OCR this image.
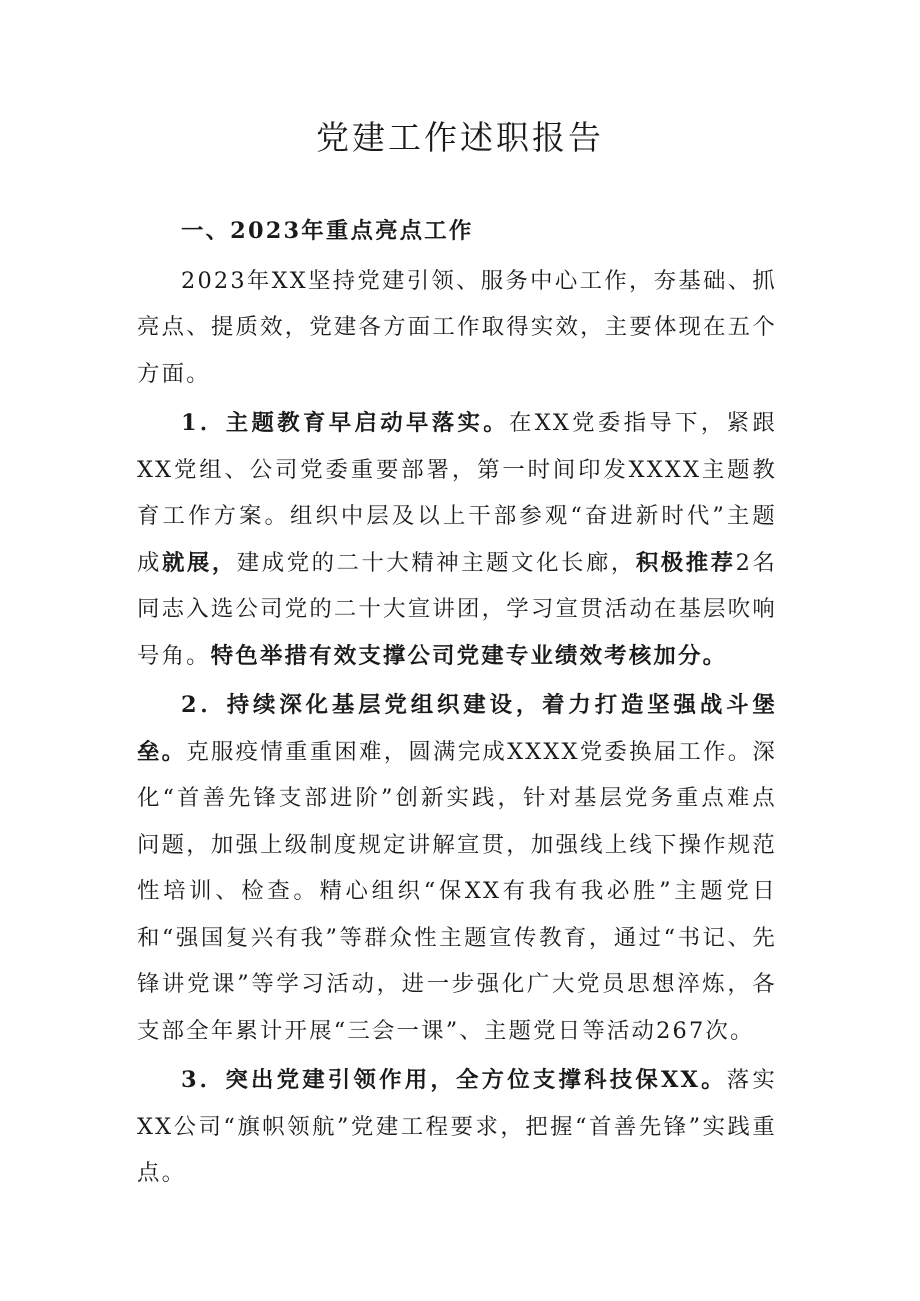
党建工作述职报告

一、2023年重点亮点工作

2023年XX坚持党建引领、服务中心工作，夯基础、抓亮点、提质效，党建各方面工作取得实效，主要体现在五个方面。

1．主题教育早启动早落实。在XX党委指导下，紧跟XX党组、公司党委重要部署，第一时间印发XXXX主题教育工作方案。组织中层及以上干部参观“奋进新时代”主题成就展，建成党的二十大精神主题文化长廊，积极推荐2名同志入选公司党的二十大宣讲团，学习宣贯活动在基层吹响号角。特色举措有效支撑公司党建专业绩效考核加分。

2．持续深化基层党组织建设，着力打造坚强战斗堡垒。克服疫情重重困难，圆满完成XXXX党委换届工作。深化“首善先锋支部进阶”创新实践，针对基层党务重点难点问题，加强上级制度规定讲解宣贯，加强线上线下操作规范性培训、检查。精心组织“保XX有我有我必胜”主题党日和“强国复兴有我”等群众性主题宣传教育，通过“书记、先锋讲党课”等学习活动，进一步强化广大党员思想淬炼，各支部全年累计开展“三会一课”、主题党日等活动267次。

3．突出党建引领作用，全方位支撑科技保XX。落实XX公司“旗帜领航”党建工程要求，把握“首善先锋”实践重点。
